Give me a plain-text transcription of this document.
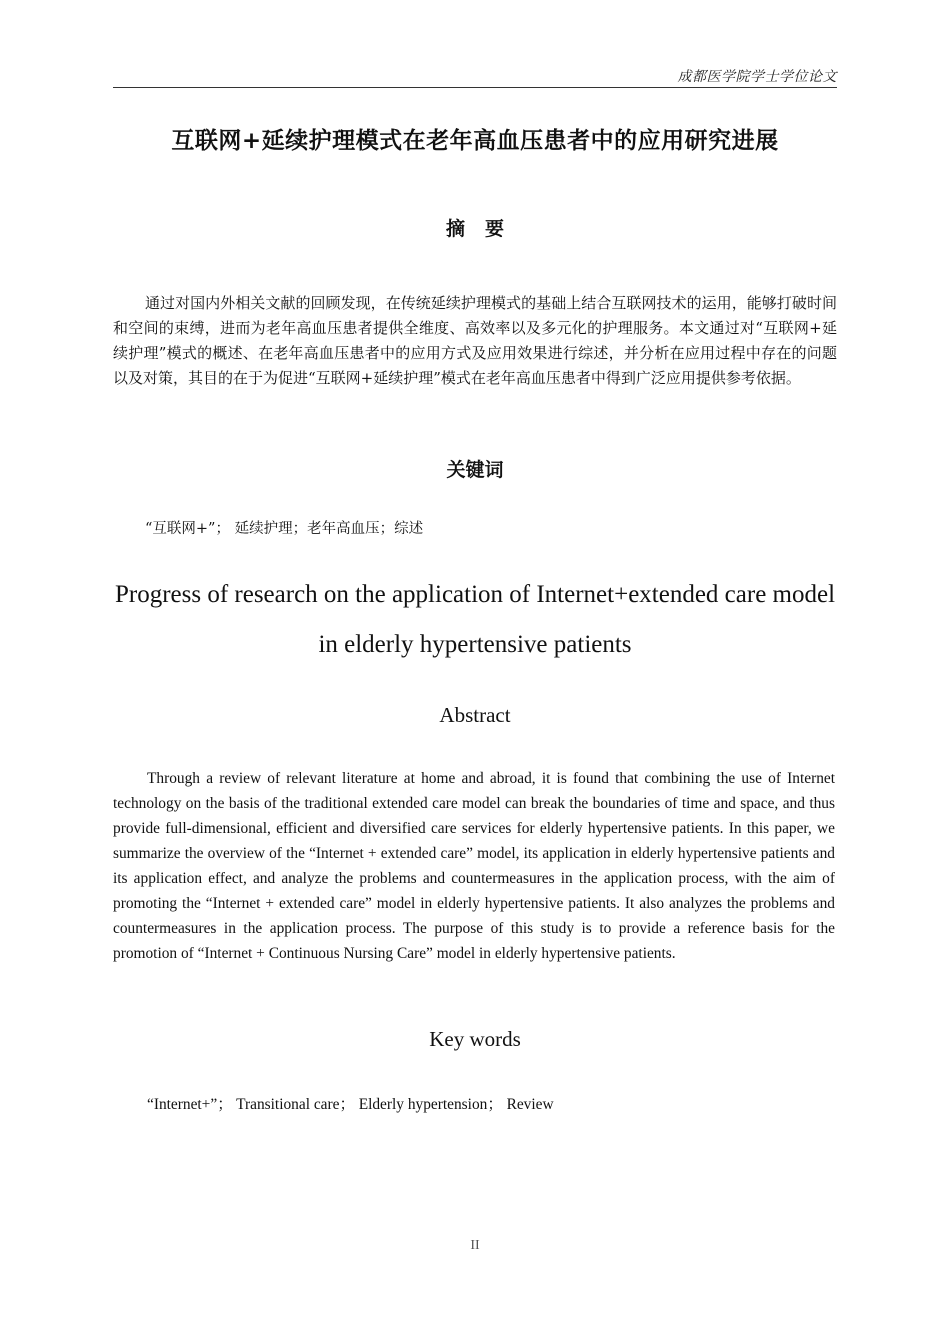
成都医学院学士学位论文
互联网+延续护理模式在老年高血压患者中的应用研究进展
摘要

通过对国内外相关文献的回顾发现，在传统延续护理模式的基础上结合互联网技术的运用，能够打破时间和空间的束缚，进而为老年高血压患者提供全维度、高效率以及多元化的护理服务。本文通过对“互联网+延续护理”模式的概述、在老年高血压患者中的应用方式及应用效果进行综述，并分析在应用过程中存在的问题以及对策，其目的在于为促进“互联网+延续护理”模式在老年高血压患者中得到广泛应用提供参考依据。

关键词
“互联网+”； 延续护理；老年高血压；综述

Progress of research on the application of Internet+extended care model in elderly hypertensive patients

Abstract

Through a review of relevant literature at home and abroad, it is found that combining the use of Internet technology on the basis of the traditional extended care model can break the boundaries of time and space, and thus provide full-dimensional, efficient and diversified care services for elderly hypertensive patients. In this paper, we summarize the overview of the “Internet + extended care” model, its application in elderly hypertensive patients and its application effect, and analyze the problems and countermeasures in the application process, with the aim of promoting the “Internet + extended care” model in elderly hypertensive patients. It also analyzes the problems and countermeasures in the application process. The purpose of this study is to provide a reference basis for the promotion of “Internet + Continuous Nursing Care” model in elderly hypertensive patients.

Key words
“Internet+”； Transitional care； Elderly hypertension； Review
II
